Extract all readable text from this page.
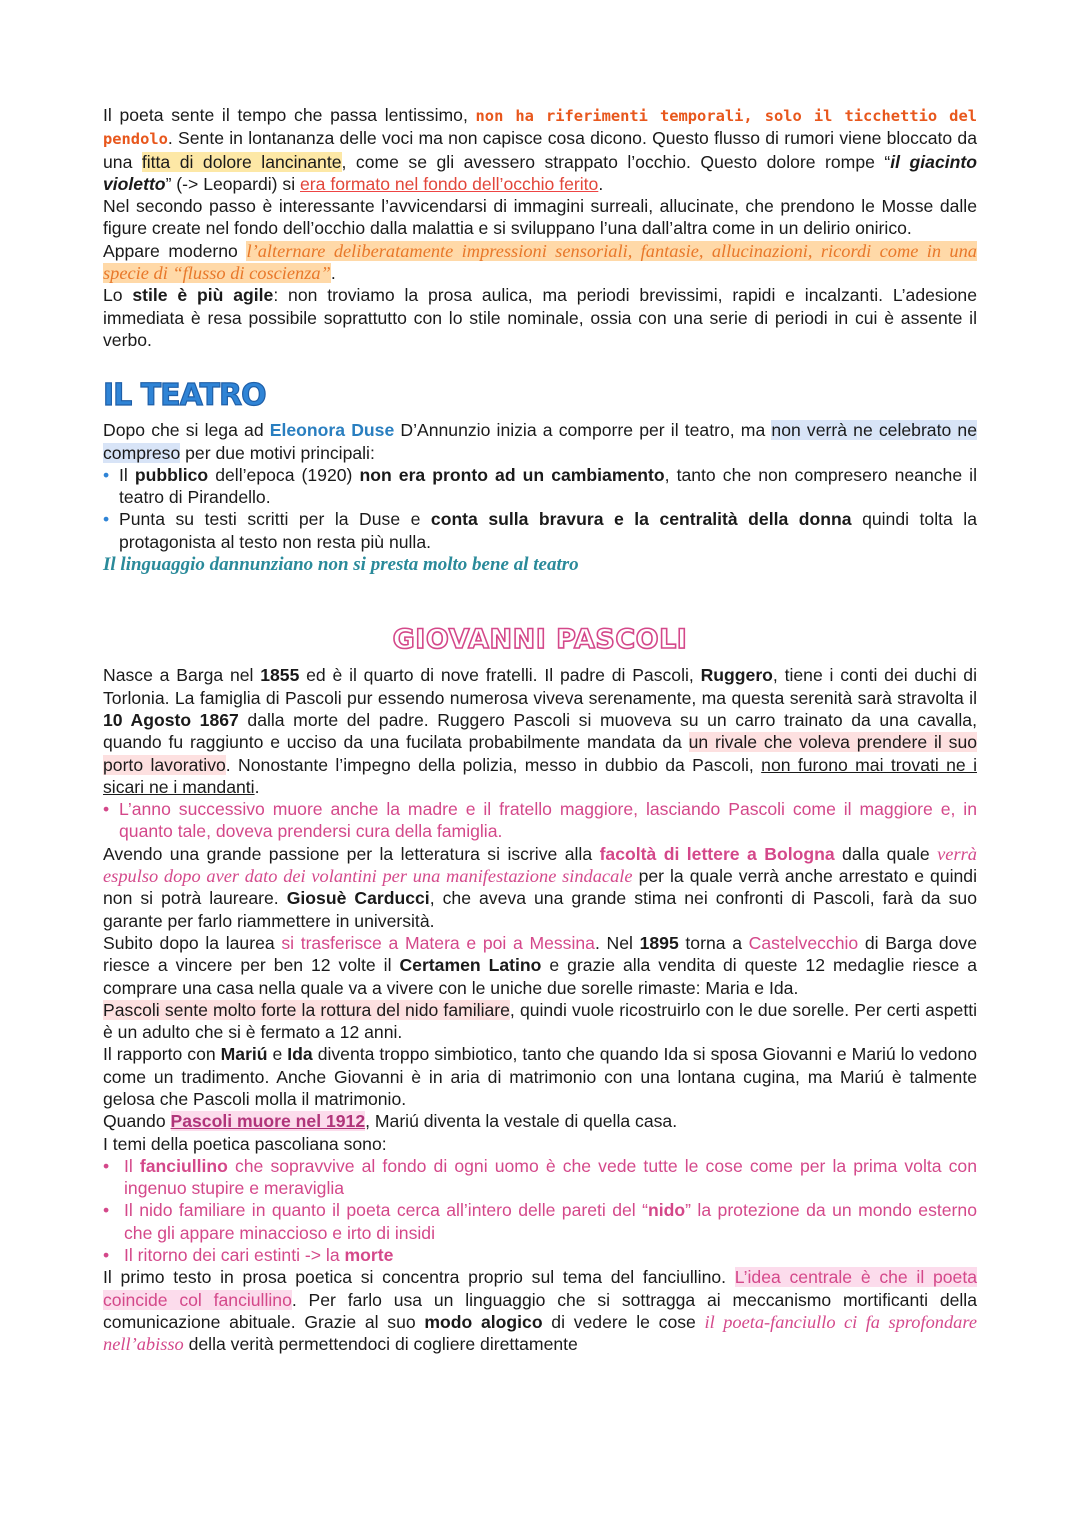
Il poeta sente il tempo che passa lentissimo, non ha riferimenti temporali, solo il ticchettio del pendolo. Sente in lontananza delle voci ma non capisce cosa dicono. Questo flusso di rumori viene bloccato da una fitta di dolore lancinante, come se gli avessero strappato l’occhio. Questo dolore rompe “il giacinto violetto” (-> Leopardi) si era formato nel fondo dell’occhio ferito.

Nel secondo passo è interessante l’avvicendarsi di immagini surreali, allucinate, che prendono le Mosse dalle figure create nel fondo dell’occhio dalla malattia e si sviluppano l’una dall’altra come in un delirio onirico.

Appare moderno l’alternare deliberatamente impressioni sensoriali, fantasie, allucinazioni, ricordi come in una specie di “flusso di coscienza”.

Lo stile è più agile: non troviamo la prosa aulica, ma periodi brevissimi, rapidi e incalzanti. L’adesione immediata è resa possibile soprattutto con lo stile nominale, ossia con una serie di periodi in cui è assente il verbo.

IL TEATRO

Dopo che si lega ad Eleonora Duse D’Annunzio inizia a comporre per il teatro, ma non verrà ne celebrato ne compreso per due motivi principali:

• Il pubblico dell’epoca (1920) non era pronto ad un cambiamento, tanto che non compresero neanche il teatro di Pirandello.
• Punta su testi scritti per la Duse e conta sulla bravura e la centralità della donna quindi tolta la protagonista al testo non resta più nulla.

Il linguaggio dannunziano non si presta molto bene al teatro

GIOVANNI PASCOLI

Nasce a Barga nel 1855 ed è il quarto di nove fratelli. Il padre di Pascoli, Ruggero, tiene i conti dei duchi di Torlonia. La famiglia di Pascoli pur essendo numerosa viveva serenamente, ma questa serenità sarà stravolta il 10 Agosto 1867 dalla morte del padre. Ruggero Pascoli si muoveva su un carro trainato da una cavalla, quando fu raggiunto e ucciso da una fucilata probabilmente mandata da un rivale che voleva prendere il suo porto lavorativo. Nonostante l’impegno della polizia, messo in dubbio da Pascoli, non furono mai trovati ne i sicari ne i mandanti.

• L’anno successivo muore anche la madre e il fratello maggiore, lasciando Pascoli come il maggiore e, in quanto tale, doveva prendersi cura della famiglia.

Avendo una grande passione per la letteratura si iscrive alla facoltà di lettere a Bologna dalla quale verrà espulso dopo aver dato dei volantini per una manifestazione sindacale per la quale verrà anche arrestato e quindi non si potrà laureare. Giosuè Carducci, che aveva una grande stima nei confronti di Pascoli, farà da suo garante per farlo riammettere in università.

Subito dopo la laurea si trasferisce a Matera e poi a Messina. Nel 1895 torna a Castelvecchio di Barga dove riesce a vincere per ben 12 volte il Certamen Latino e grazie alla vendita di queste 12 medaglie riesce a comprare una casa nella quale va a vivere con le uniche due sorelle rimaste: Maria e Ida.

Pascoli sente molto forte la rottura del nido familiare, quindi vuole ricostruirlo con le due sorelle. Per certi aspetti è un adulto che si è fermato a 12 anni.

Il rapporto con Mariú e Ida diventa troppo simbiotico, tanto che quando Ida si sposa Giovanni e Mariú lo vedono come un tradimento. Anche Giovanni è in aria di matrimonio con una lontana cugina, ma Mariú è talmente gelosa che Pascoli molla il matrimonio.

Quando Pascoli muore nel 1912, Mariú diventa la vestale di quella casa.

I temi della poetica pascoliana sono:

• Il fanciullino che sopravvive al fondo di ogni uomo è che vede tutte le cose come per la prima volta con ingenuo stupire e meraviglia
• Il nido familiare in quanto il poeta cerca all’intero delle pareti del “nido” la protezione da un mondo esterno che gli appare minaccioso e irto di insidi
• Il ritorno dei cari estinti -> la morte

Il primo testo in prosa poetica si concentra proprio sul tema del fanciullino. L’idea centrale è che il poeta coincide col fanciullino. Per farlo usa un linguaggio che si sottragga ai meccanismo mortificanti della comunicazione abituale. Grazie al suo modo alogico di vedere le cose il poeta-fanciullo ci fa sprofondare nell’abisso della verità permettendoci di cogliere direttamente
